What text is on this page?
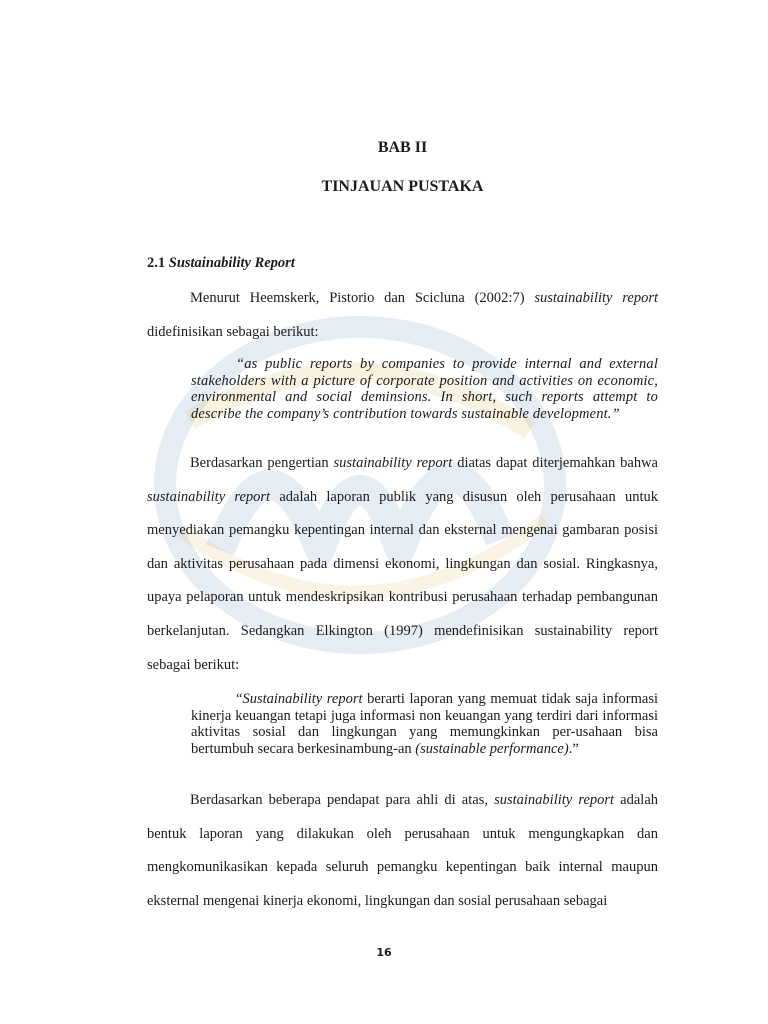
BAB II
TINJAUAN PUSTAKA

2.1 Sustainability Report

Menurut Heemskerk, Pistorio dan Scicluna (2002:7) sustainability report didefinisikan sebagai berikut:

“as public reports by companies to provide internal and external stakeholders with a picture of corporate position and activities on economic, environmental and social deminsions. In short, such reports attempt to describe the company’s contribution towards sustainable development.”

Berdasarkan pengertian sustainability report diatas dapat diterjemahkan bahwa sustainability report adalah laporan publik yang disusun oleh perusahaan untuk menyediakan pemangku kepentingan internal dan eksternal mengenai gambaran posisi dan aktivitas perusahaan pada dimensi ekonomi, lingkungan dan sosial. Ringkasnya, upaya pelaporan untuk mendeskripsikan kontribusi perusahaan terhadap pembangunan berkelanjutan. Sedangkan Elkington (1997) mendefinisikan sustainability report sebagai berikut:

“Sustainability report berarti laporan yang memuat tidak saja informasi kinerja keuangan tetapi juga informasi non keuangan yang terdiri dari informasi aktivitas sosial dan lingkungan yang memungkinkan per-usahaan bisa bertumbuh secara berkesinambung-an (sustainable performance).”

Berdasarkan beberapa pendapat para ahli di atas, sustainability report adalah bentuk laporan yang dilakukan oleh perusahaan untuk mengungkapkan dan mengkomunikasikan kepada seluruh pemangku kepentingan baik internal maupun eksternal mengenai kinerja ekonomi, lingkungan dan sosial perusahaan sebagai

16
